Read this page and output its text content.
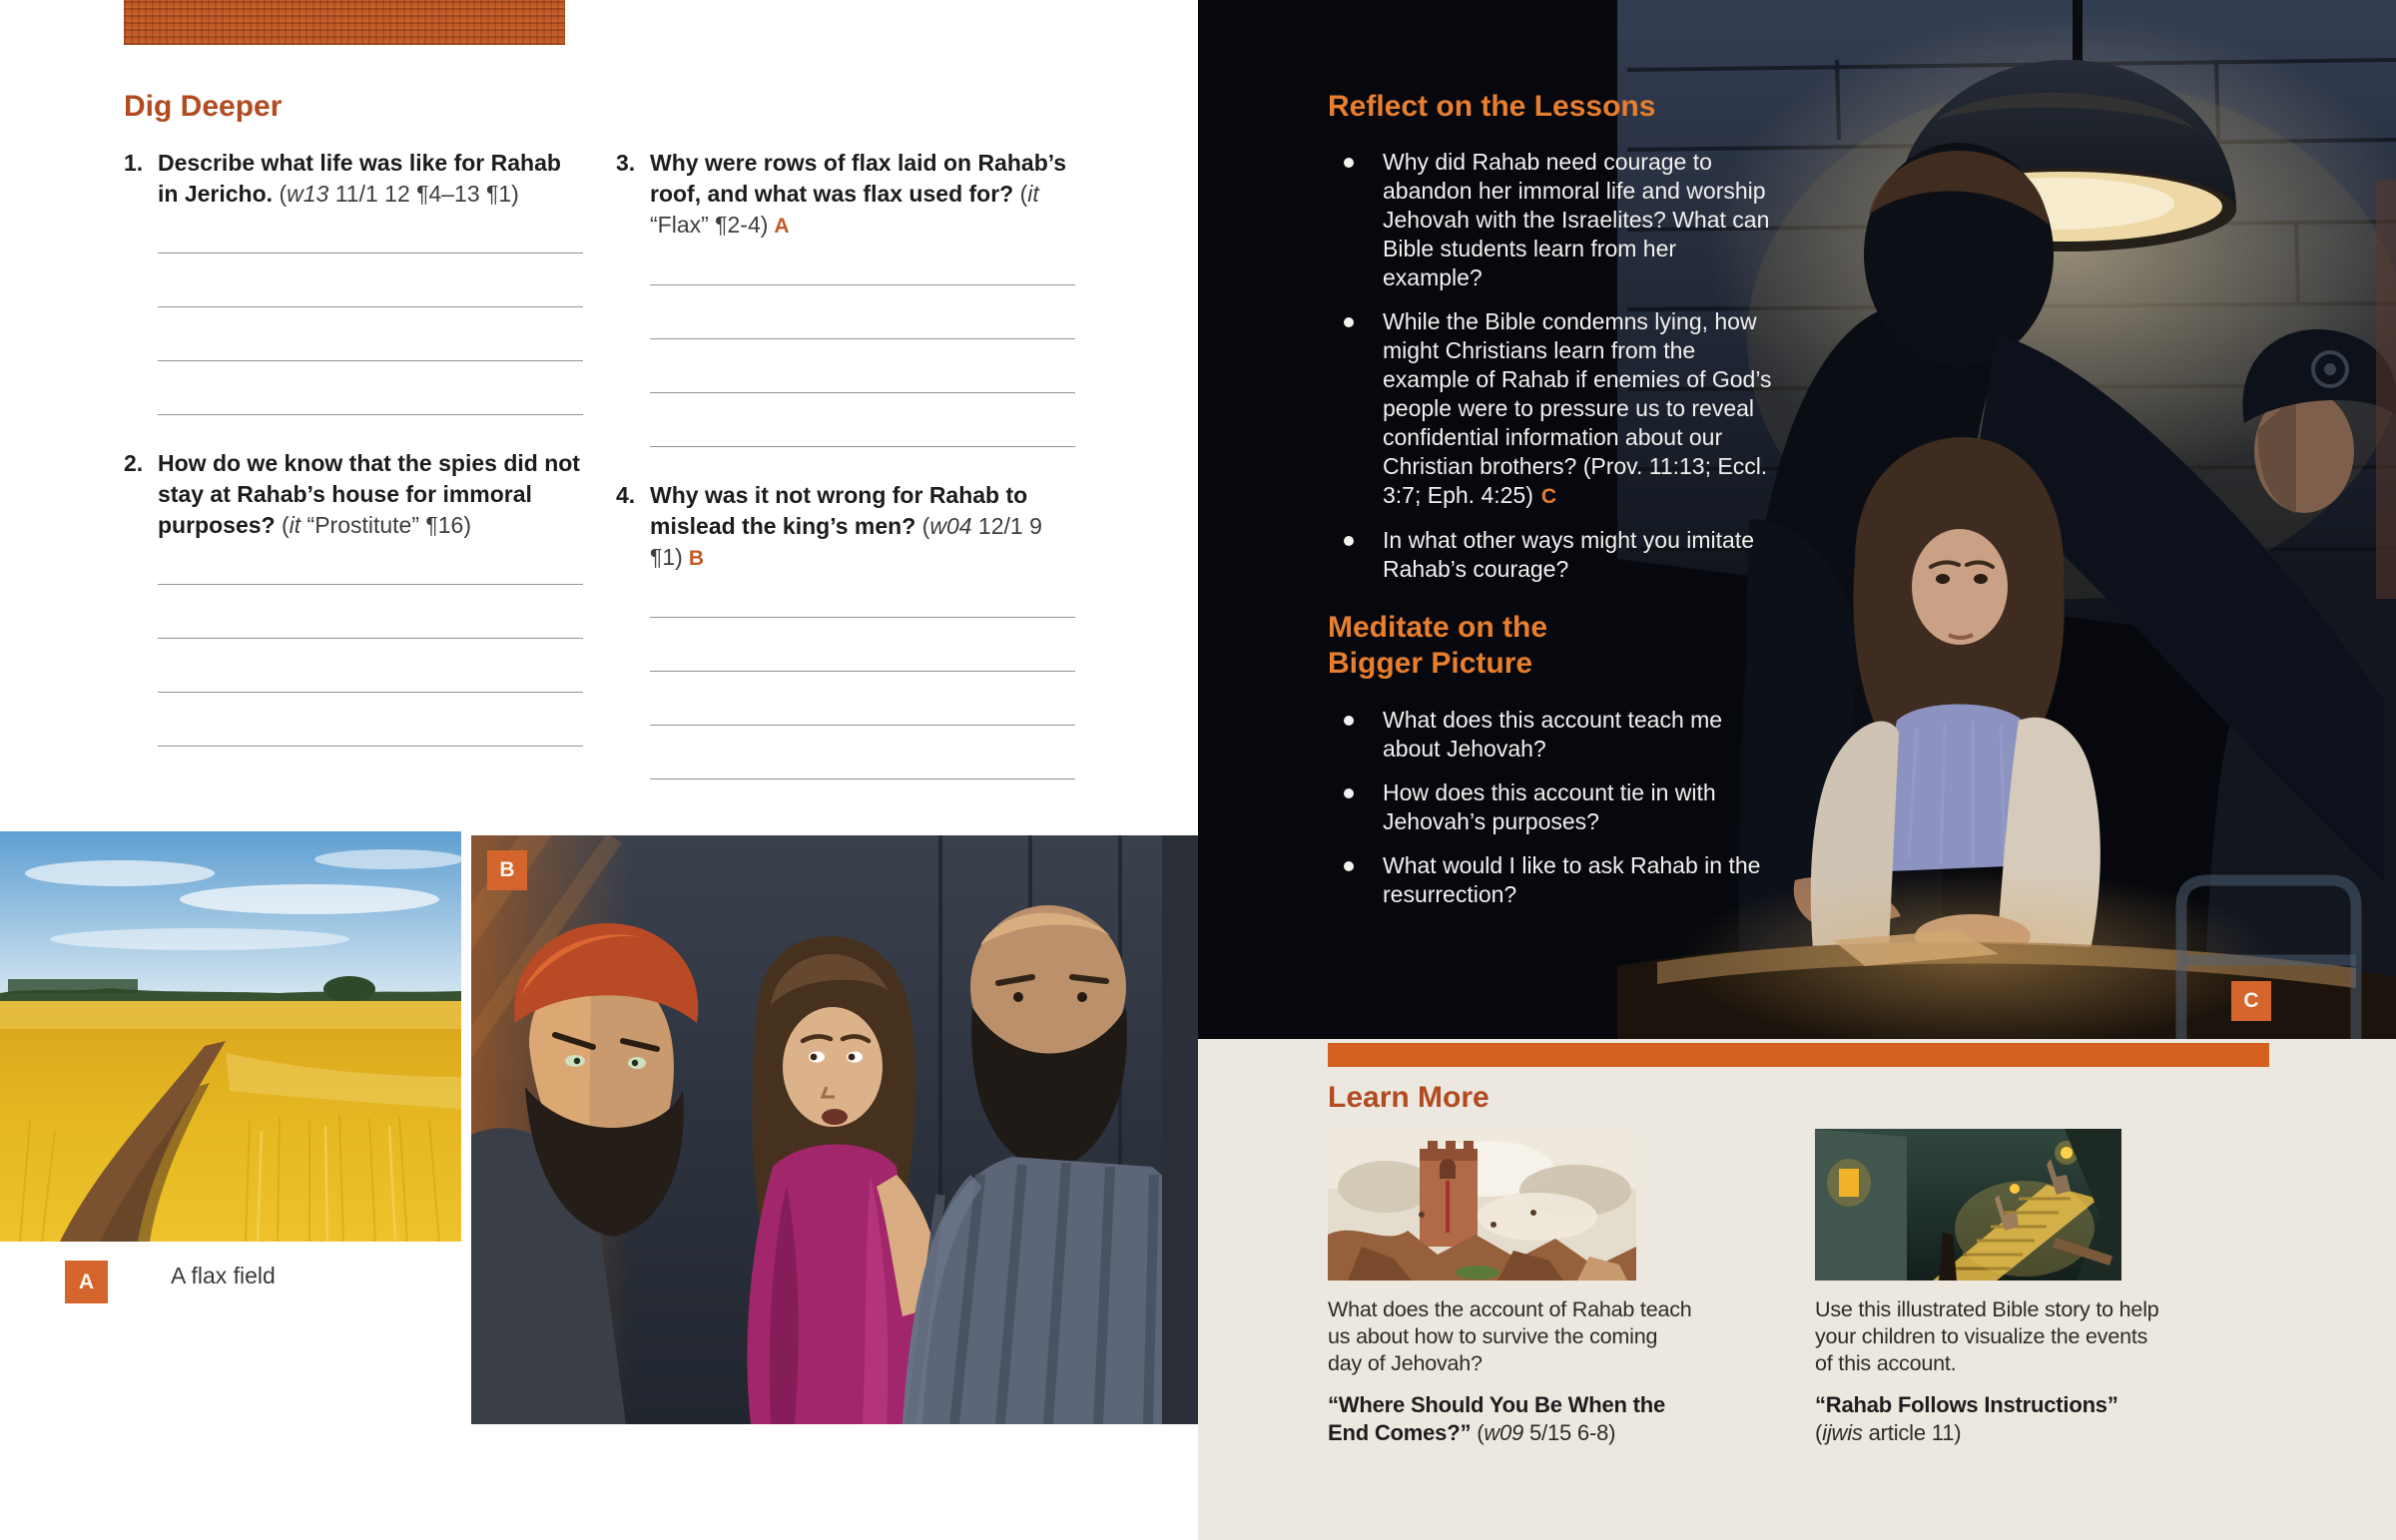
Dig Deeper
1. Describe what life was like for Rahab in Jericho. (w13 11/1 12 ¶4–13 ¶1)

2. How do we know that the spies did not stay at Rahab’s house for immoral purposes? (it “Prostitute” ¶16)

3. Why were rows of flax laid on Rahab’s roof, and what was flax used for? (it “Flax” ¶2-4) A

4. Why was it not wrong for Rahab to mislead the king’s men? (w04 12/1 9 ¶1) B

B
A	A flax field
C
Reflect on the Lessons
Why did Rahab need courage to abandon her immoral life and worship Jehovah with the Israelites? What can Bible students learn from her example?
While the Bible condemns lying, how might Christians learn from the example of Rahab if enemies of God’s people were to pressure us to reveal confidential information about our Christian brothers? (Prov. 11:13; Eccl. 3:7; Eph. 4:25) C
In what other ways might you imitate Rahab’s courage?
Meditate on the Bigger Picture
What does this account teach me about Jehovah?
How does this account tie in with Jehovah’s purposes?
What would I like to ask Rahab in the resurrection?
Learn More

What does the account of Rahab teach us about how to survive the coming day of Jehovah?

“Where Should You Be When the End Comes?” (w09 5/15 6-8)

Use this illustrated Bible story to help your children to visualize the events of this account.

“Rahab Follows Instructions” (ijwis article 11)
